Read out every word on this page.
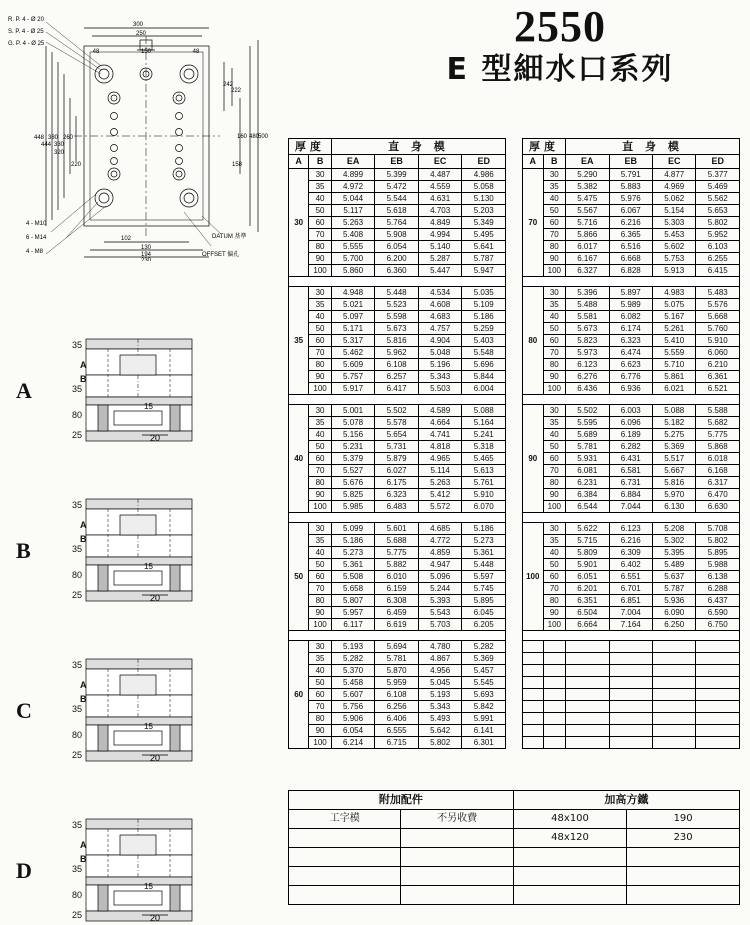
2550
E 型細水口系列
R. P. 4 - Ø 20
S. P. 4 - Ø 25
G. P. 4 - Ø 25
4 - M10
6 - M14
4 - M8
DATUM 基準
OFFSET 偏孔
300
250
150
48	48
448
444
380
330
320
260
220
242
222
160
158
480
500
102
130
194
230
A
35
35
80
25
15
20
B
35
35
80
25
15
20
C
35
35
80
25
15
20
D
35
35
80
25
15
20
A
B
A
B
A
B
A
B
厚度		直 身 模			
A	B	EA	EB	EC	ED
30	30	4.899	5.399	4.487	4.986
	35	4.972	5.472	4.559	5.058
	40	5.044	5.544	4.631	5.130
	50	5.117	5.618	4.703	5.203
	60	5.263	5.764	4.849	5.349
	70	5.408	5.908	4.994	5.495
	80	5.555	6.054	5.140	5.641
	90	5.700	6.200	5.287	5.787
	100	5.860	6.360	5.447	5.947

35	30	4.948	5.448	4.534	5.035
	35	5.021	5.523	4.608	5.109
	40	5.097	5.598	4.683	5.186
	50	5.171	5.673	4.757	5.259
	60	5.317	5.816	4.904	5.403
	70	5.462	5.962	5.048	5.548
	80	5.609	6.108	5.196	5.696
	90	5.757	6.257	5.343	5.844
	100	5.917	6.417	5.503	6.004

40	30	5.001	5.502	4.589	5.088
	35	5.078	5.578	4.664	5.164
	40	5.156	5.654	4.741	5.241
	50	5.231	5.731	4.818	5.318
	60	5.379	5.879	4.965	5.465
	70	5.527	6.027	5.114	5.613
	80	5.676	6.175	5.263	5.761
	90	5.825	6.323	5.412	5.910
	100	5.985	6.483	5.572	6.070

50	30	5.099	5.601	4.685	5.186
	35	5.186	5.688	4.772	5.273
	40	5.273	5.775	4.859	5.361
	50	5.361	5.882	4.947	5.448
	60	5.508	6.010	5.096	5.597
	70	5.658	6.159	5.244	5.745
	80	5.807	6.308	5.393	5.895
	90	5.957	6.459	5.543	6.045
	100	6.117	6.619	5.703	6.205

60	30	5.193	5.694	4.780	5.282
	35	5.282	5.781	4.867	5.369
	40	5.370	5.870	4.956	5.457
	50	5.458	5.959	5.045	5.545
	60	5.607	6.108	5.193	5.693
	70	5.756	6.256	5.343	5.842
	80	5.906	6.406	5.493	5.991
	90	6.054	6.555	5.642	6.141
	100	6.214	6.715	5.802	6.301
厚度		直 身 模			
A	B	EA	EB	EC	ED
70	30	5.290	5.791	4.877	5.377
	35	5.382	5.883	4.969	5.469
	40	5.475	5.976	5.062	5.562
	50	5.567	6.067	5.154	5.653
	60	5.716	6.216	5.303	5.802
	70	5.866	6.365	5.453	5.952
	80	6.017	6.516	5.602	6.103
	90	6.167	6.668	5.753	6.255
	100	6.327	6.828	5.913	6.415

80	30	5.396	5.897	4.983	5.483
	35	5.488	5.989	5.075	5.576
	40	5.581	6.082	5.167	5.668
	50	5.673	6.174	5.261	5.760
	60	5.823	6.323	5.410	5.910
	70	5.973	6.474	5.559	6.060
	80	6.123	6.623	5.710	6.210
	90	6.276	6.776	5.861	6.361
	100	6.436	6.936	6.021	6.521

90	30	5.502	6.003	5.088	5.588
	35	5.595	6.096	5.182	5.682
	40	5.689	6.189	5.275	5.775
	50	5.781	6.282	5.369	5.868
	60	5.931	6.431	5.517	6.018
	70	6.081	6.581	5.667	6.168
	80	6.231	6.731	5.816	6.317
	90	6.384	6.884	5.970	6.470
	100	6.544	7.044	6.130	6.630

100	30	5.622	6.123	5.208	5.708
	35	5.715	6.216	5.302	5.802
	40	5.809	6.309	5.395	5.895
	50	5.901	6.402	5.489	5.988
	60	6.051	6.551	5.637	6.138
	70	6.201	6.701	5.787	6.288
	80	6.351	6.851	5.936	6.437
	90	6.504	7.004	6.090	6.590
	100	6.664	7.164	6.250	6.750

附加配件		加高方鐵	
工字模	不另收費	48x100	190
		48x120	230
